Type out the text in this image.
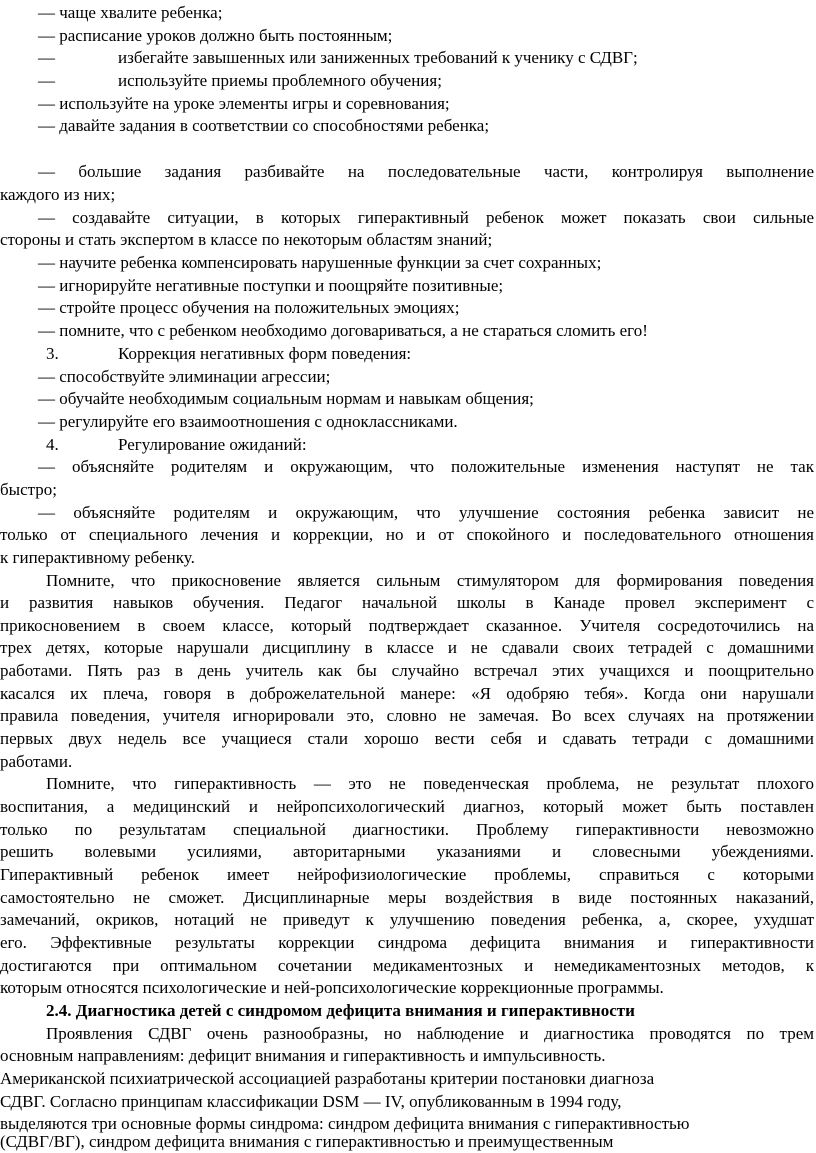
— чаще хвалите ребенка;
— расписание уроков должно быть постоянным;
—	избегайте завышенных или заниженных требований к ученику с СДВГ;
—	используйте приемы проблемного обучения;
— используйте на уроке элементы игры и соревнования;
— давайте задания в соответствии со способностями ребенка;
— большие задания разбивайте на последовательные части, контролируя выполнение
каждого из них;
— создавайте ситуации, в которых гиперактивный ребенок может показать свои сильные
стороны и стать экспертом в классе по некоторым областям знаний;
— научите ребенка компенсировать нарушенные функции за счет сохранных;
— игнорируйте негативные поступки и поощряйте позитивные;
— стройте процесс обучения на положительных эмоциях;
— помните, что с ребенком необходимо договариваться, а не стараться сломить его!
3.	Коррекция негативных форм поведения:
— способствуйте элиминации агрессии;
— обучайте необходимым социальным нормам и навыкам общения;
— регулируйте его взаимоотношения с одноклассниками.
4.	Регулирование ожиданий:
— объясняйте родителям и окружающим, что положительные изменения наступят не так
быстро;
— объясняйте родителям и окружающим, что улучшение состояния ребенка зависит не
только от специального лечения и коррекции, но и от спокойного и последовательного отношения
к гиперактивному ребенку.
Помните, что прикосновение является сильным стимулятором для формирования поведения
и развития навыков обучения. Педагог начальной школы в Канаде провел эксперимент с
прикосновением в своем классе, который подтверждает сказанное. Учителя сосредоточились на
трех детях, которые нарушали дисциплину в классе и не сдавали своих тетрадей с домашними
работами. Пять раз в день учитель как бы случайно встречал этих учащихся и поощрительно
касался их плеча, говоря в доброжелательной манере: «Я одобряю тебя». Когда они нарушали
правила поведения, учителя игнорировали это, словно не замечая. Во всех случаях на протяжении
первых двух недель все учащиеся стали хорошо вести себя и сдавать тетради с домашними
работами.
Помните, что гиперактивность — это не поведенческая проблема, не результат плохого
воспитания, а медицинский и нейропсихологический диагноз, который может быть поставлен
только по результатам специальной диагностики. Проблему гиперактивности невозможно
решить волевыми усилиями, авторитарными указаниями и словесными убеждениями.
Гиперактивный ребенок имеет нейрофизиологические проблемы, справиться с которыми
самостоятельно не сможет. Дисциплинарные меры воздействия в виде постоянных наказаний,
замечаний, окриков, нотаций не приведут к улучшению поведения ребенка, а, скорее, ухудшат
его. Эффективные результаты коррекции синдрома дефицита внимания и гиперактивности
достигаются при оптимальном сочетании медикаментозных и немедикаментозных методов, к
которым относятся психологические и ней-ропсихологические коррекционные программы.
2.4. Диагностика детей с синдромом дефицита внимания и гиперактивности
Проявления СДВГ очень разнообразны, но наблюдение и диагностика проводятся по трем
основным направлениям: дефицит внимания и гиперактивность и импульсивность.
Американской психиатрической ассоциацией разработаны критерии постановки диагноза
СДВГ. Согласно принципам классификации DSM — IV, опубликованным в 1994 году,
выделяются три основные формы синдрома: синдром дефицита внимания с гиперактивностью
(СДВГ/ВГ), синдром дефицита внимания с гиперактивностью и преимущественным
